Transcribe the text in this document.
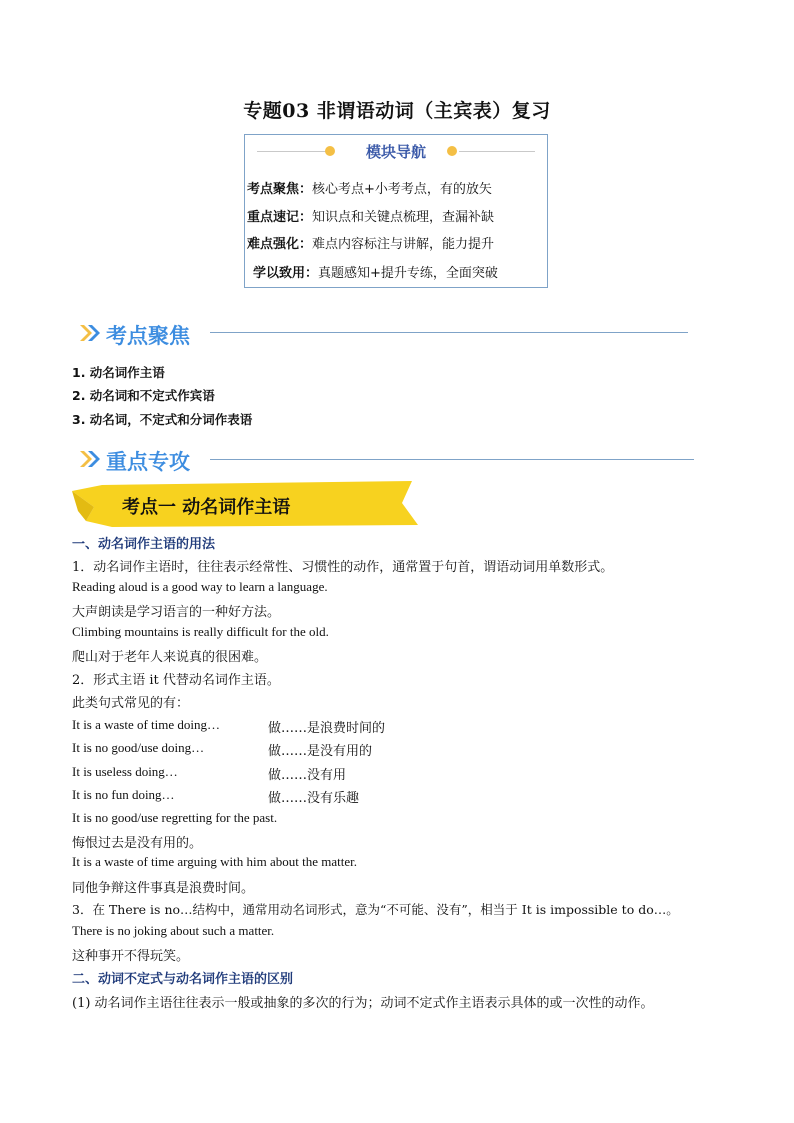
专题03 非谓语动词（主宾表）复习
模块导航
考点聚焦：核心考点+小考考点，有的放矢
重点速记：知识点和关键点梳理，查漏补缺
难点强化：难点内容标注与讲解，能力提升
学以致用：真题感知+提升专练，全面突破
考点聚焦
1. 动名词作主语
2. 动名词和不定式作宾语
3. 动名词，不定式和分词作表语
重点专攻
考点一 动名词作主语
一、动名词作主语的用法
1．动名词作主语时，往往表示经常性、习惯性的动作，通常置于句首，谓语动词用单数形式。
Reading aloud is a good way to learn a language.
大声朗读是学习语言的一种好方法。
Climbing mountains is really difficult for the old.
爬山对于老年人来说真的很困难。
2．形式主语 it 代替动名词作主语。
此类句式常见的有：
It is a waste of time doing…	做……是浪费时间的
It is no good/use doing…	做……是没有用的
It is useless doing…	做……没有用
It is no fun doing…	做……没有乐趣
It is no good/use regretting for the past.
悔恨过去是没有用的。
It is a waste of time arguing with him about the matter.
同他争辩这件事真是浪费时间。
3．在 There is no…结构中，通常用动名词形式，意为“不可能、没有”，相当于 It is impossible to do…。
There is no joking about such a matter.
这种事开不得玩笑。
二、动词不定式与动名词作主语的区别
(1) 动名词作主语往往表示一般或抽象的多次的行为；动词不定式作主语表示具体的或一次性的动作。
